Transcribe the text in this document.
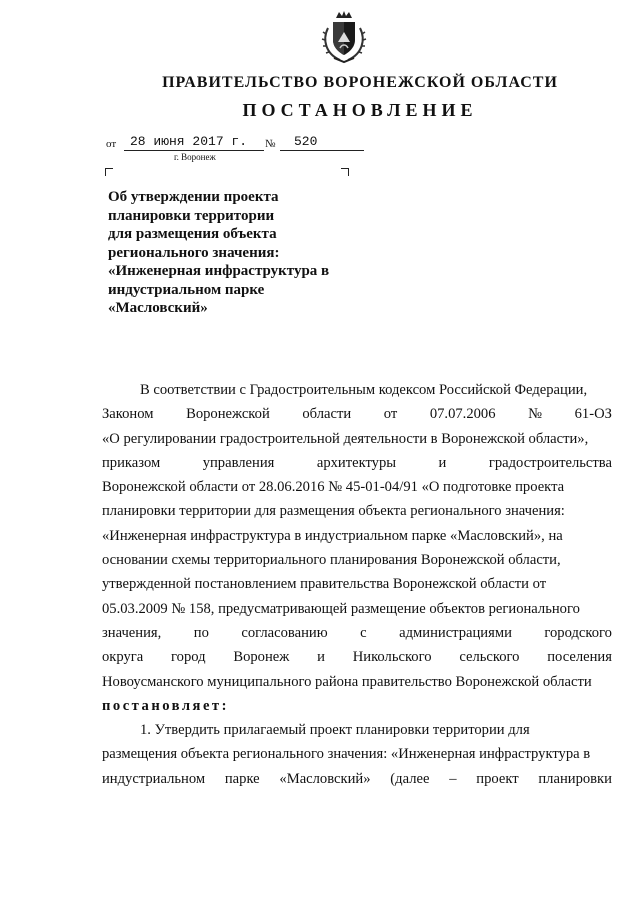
ПРАВИТЕЛЬСТВО ВОРОНЕЖСКОЙ ОБЛАСТИ
ПОСТАНОВЛЕНИЕ
от	28 июня 2017 г.	№	520
г. Воронеж
Об утверждении проекта
планировки территории
для размещения объекта
регионального значения:
«Инженерная инфраструктура в
индустриальном парке
«Масловский»
В соответствии с Градостроительным кодексом Российской Федерации,
Законом Воронежской области от 07.07.2006 № 61-ОЗ
«О регулировании градостроительной деятельности в Воронежской области»,
приказом	управления	архитектуры	и	градостроительства
Воронежской области от 28.06.2016 № 45-01-04/91 «О подготовке проекта
планировки территории для размещения объекта регионального значения:
«Инженерная инфраструктура в индустриальном парке «Масловский», на
основании схемы территориального планирования Воронежской области,
утвержденной постановлением правительства Воронежской области от
05.03.2009 № 158, предусматривающей размещение объектов регионального
значения, по согласованию с администрациями городского
округа город Воронеж и Никольского сельского поселения
Новоусманского муниципального района правительство Воронежской области
постановляет:
1. Утвердить прилагаемый проект планировки территории для
размещения объекта регионального значения: «Инженерная инфраструктура в
индустриальном парке «Масловский» (далее – проект планировки
